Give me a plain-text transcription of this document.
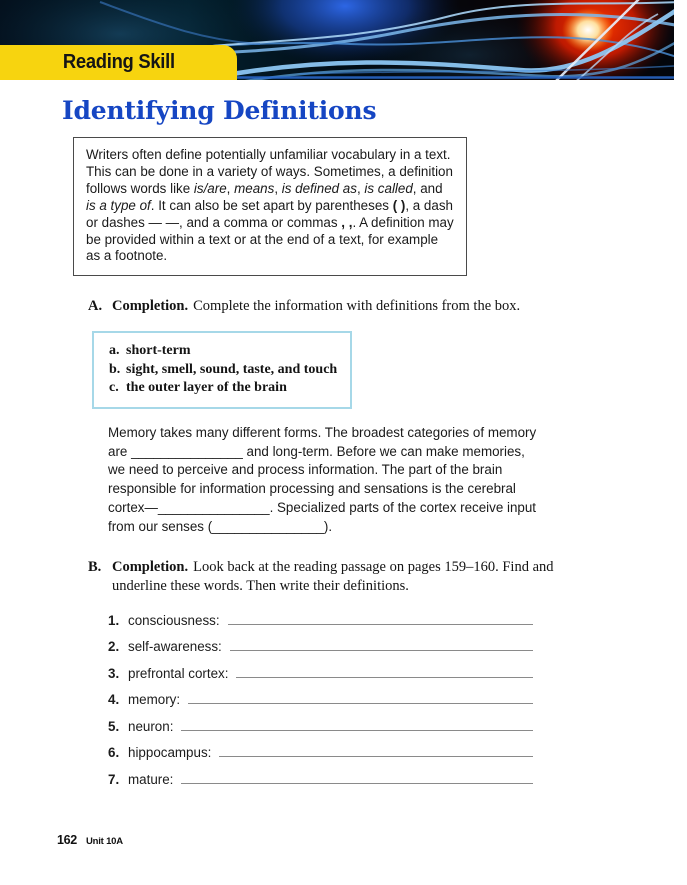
Reading Skill
Identifying Definitions

Writers often define potentially unfamiliar vocabulary in a text. This can be done in a variety of ways. Sometimes, a definition follows words like is/are, means, is defined as, is called, and is a type of. It can also be set apart by parentheses ( ), a dash or dashes — —, and a comma or commas , ,. A definition may be provided within a text or at the end of a text, for example as a footnote.

A. Completion. Complete the information with definitions from the box.
a. short-term
b. sight, smell, sound, taste, and touch
c. the outer layer of the brain

Memory takes many different forms. The broadest categories of memory are _______________ and long-term. Before we can make memories, we need to perceive and process information. The part of the brain responsible for information processing and sensations is the cerebral cortex—_______________. Specialized parts of the cortex receive input from our senses (_______________).

B. Completion. Look back at the reading passage on pages 159–160. Find and underline these words. Then write their definitions.
1. consciousness:
2. self-awareness:
3. prefrontal cortex:
4. memory:
5. neuron:
6. hippocampus:
7. mature:
162 Unit 10A
